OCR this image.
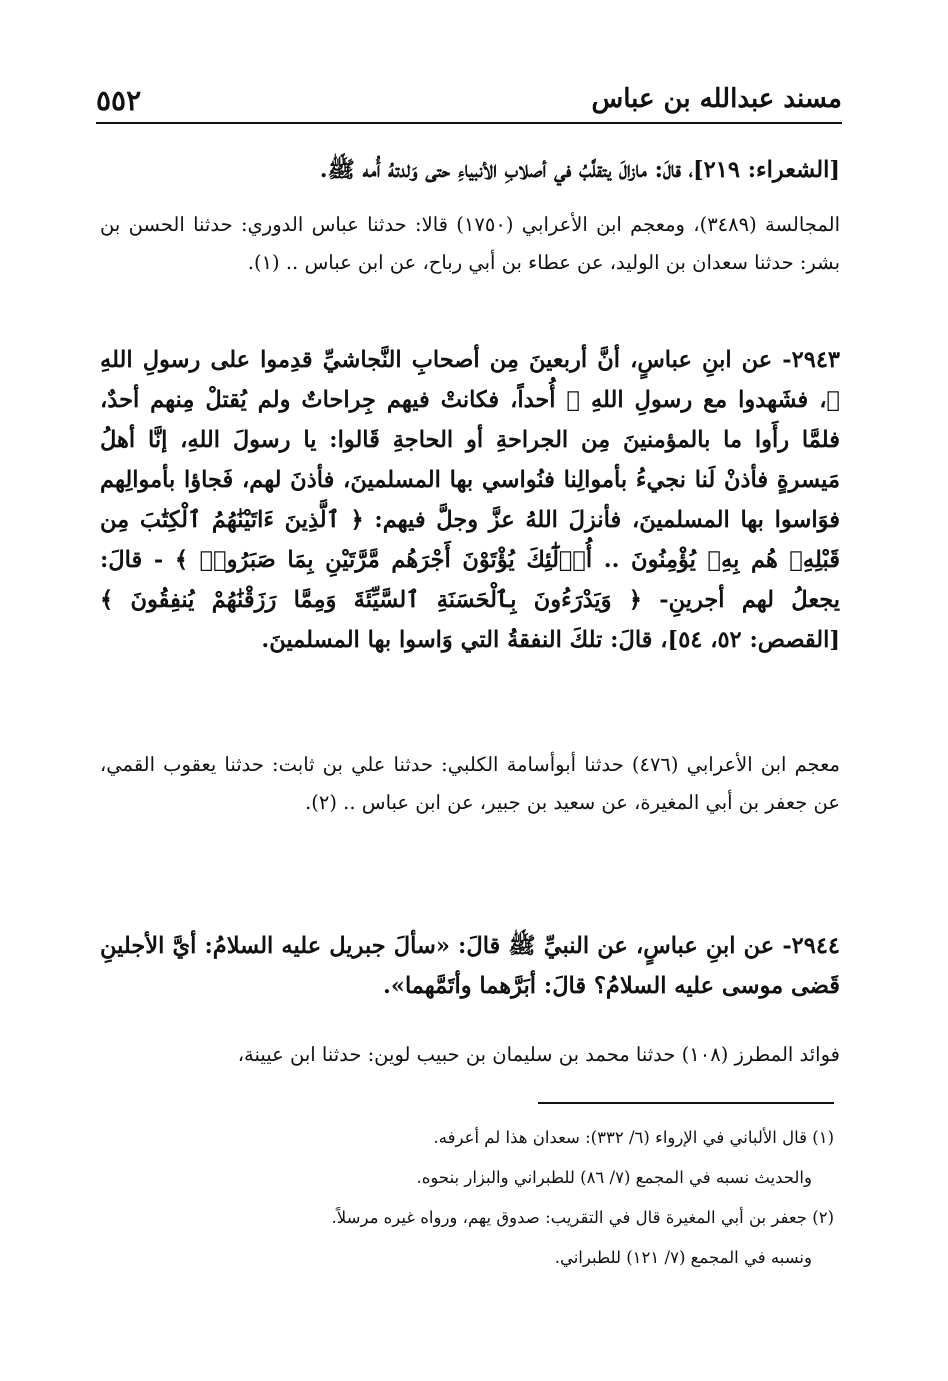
مسند عبدالله بن عباس
٥٥٢

[الشعراء: ٢١٩]، قالَ: مازالَ يتقلَّبُ في أصلابِ الأنبياءِ حتى وَلدتهُ أُمه ﷺ.

المجالسة (٣٤٨٩)، ومعجم ابن الأعرابي (١٧٥٠) قالا: حدثنا عباس الدوري: حدثنا الحسن بن بشر: حدثنا سعدان بن الوليد، عن عطاء بن أبي رباح، عن ابن عباس .. (١).

٢٩٤٣- عن ابنِ عباسٍ، أنَّ أربعينَ مِن أصحابِ النَّجاشيِّ قدِموا على رسولِ اللهِ ﷺ، فشَهدوا مع رسولِ اللهِ ﷺ أُحداً، فكانتْ فيهم جِراحاتٌ ولم يُقتلْ مِنهم أحدٌ، فلمَّا رأَوا ما بالمؤمنينَ مِن الجراحةِ أو الحاجةِ قَالوا: يا رسولَ اللهِ، إنَّا أهلُ مَيسرةٍ فأذنْ لَنا نجيءُ بأموالِنا فنُواسي بها المسلمينَ، فأذنَ لهم، فَجاؤا بأموالِهم فوَاسوا بها المسلمينَ، فأنزلَ اللهُ عزَّ وجلَّ فيهم: ﴿ ٱلَّذِينَ ءَاتَيْنَٰهُمُ ٱلْكِتَٰبَ مِن قَبْلِهِۦ هُم بِهِۦ يُؤْمِنُونَ .. أُو۟لَٰٓئِكَ يُؤْتَوْنَ أَجْرَهُم مَّرَّتَيْنِ بِمَا صَبَرُوا۟ ﴾ - قالَ: يجعلُ لهم أجرينِ- ﴿ وَيَدْرَءُونَ بِٱلْحَسَنَةِ ٱلسَّيِّئَةَ وَمِمَّا رَزَقْنَٰهُمْ يُنفِقُونَ ﴾ [القصص: ٥٢، ٥٤]، قالَ: تلكَ النفقةُ التي وَاسوا بها المسلمينَ.

معجم ابن الأعرابي (٤٧٦) حدثنا أبوأسامة الكلبي: حدثنا علي بن ثابت: حدثنا يعقوب القمي، عن جعفر بن أبي المغيرة، عن سعيد بن جبير، عن ابن عباس .. (٢).

٢٩٤٤- عن ابنِ عباسٍ، عن النبيِّ ﷺ قالَ: «سألَ جبريل عليه السلامُ: أيَّ الأجلينِ قَضى موسى عليه السلامُ؟ قالَ: أبَرَّهما وأتَمَّهما».

فوائد المطرز (١٠٨) حدثنا محمد بن سليمان بن حبيب لوين: حدثنا ابن عيينة،

(١) قال الألباني في الإرواء (٦/ ٣٣٢): سعدان هذا لم أعرفه.

والحديث نسبه في المجمع (٧/ ٨٦) للطبراني والبزار بنحوه.

(٢) جعفر بن أبي المغيرة قال في التقريب: صدوق يهم، ورواه غيره مرسلاً.

ونسبه في المجمع (٧/ ١٢١) للطبراني.
